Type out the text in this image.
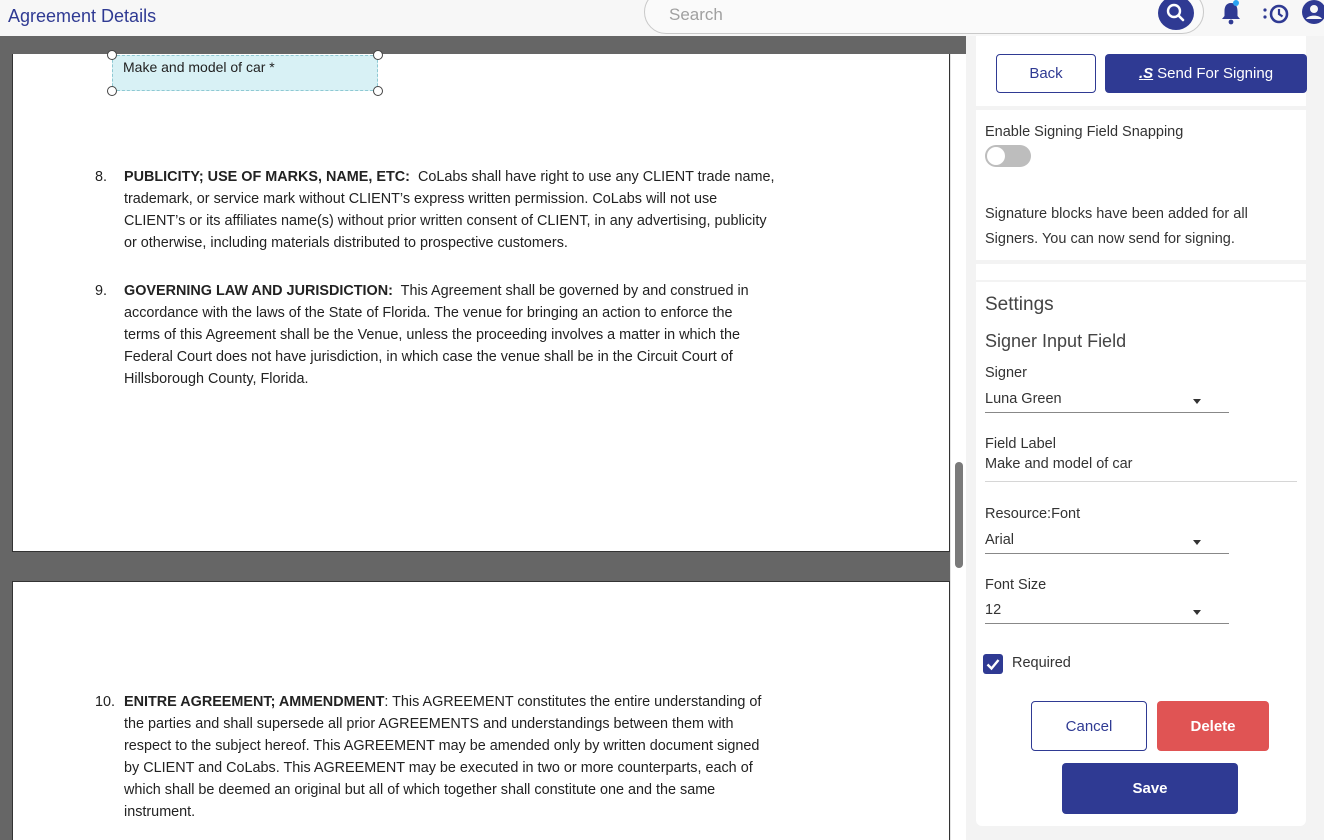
Agreement Details
Search
Make and model of car *
8. PUBLICITY; USE OF MARKS, NAME, ETC: CoLabs shall have right to use any CLIENT trade name,
trademark, or service mark without CLIENT’s express written permission. CoLabs will not use
CLIENT’s or its affiliates name(s) without prior written consent of CLIENT, in any advertising, publicity
or otherwise, including materials distributed to prospective customers.
9. GOVERNING LAW AND JURISDICTION: This Agreement shall be governed by and construed in
accordance with the laws of the State of Florida. The venue for bringing an action to enforce the
terms of this Agreement shall be the Venue, unless the proceeding involves a matter in which the
Federal Court does not have jurisdiction, in which case the venue shall be in the Circuit Court of
Hillsborough County, Florida.
10. ENITRE AGREEMENT; AMMENDMENT: This AGREEMENT constitutes the entire understanding of
the parties and shall supersede all prior AGREEMENTS and understandings between them with
respect to the subject hereof. This AGREEMENT may be amended only by written document signed
by CLIENT and CoLabs. This AGREEMENT may be executed in two or more counterparts, each of
which shall be deemed an original but all of which together shall constitute one and the same
instrument.
Back	.S Send For Signing
Enable Signing Field Snapping
Signature blocks have been added for all
Signers. You can now send for signing.
Settings
Signer Input Field
Signer
Luna Green
Field Label
Make and model of car
Resource:Font
Arial
Font Size
12
Required
Cancel	Delete
Save
